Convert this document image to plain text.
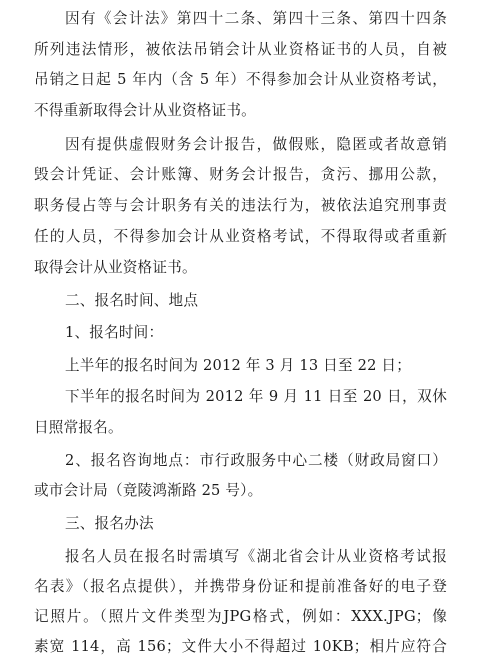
因有《会计法》第四十二条、第四十三条、第四十四条
所列违法情形，被依法吊销会计从业资格证书的人员，自被
吊销之日起 5 年内（含 5 年）不得参加会计从业资格考试，
不得重新取得会计从业资格证书。
因有提供虚假财务会计报告，做假账，隐匿或者故意销
毁会计凭证、会计账簿、财务会计报告，贪污、挪用公款，
职务侵占等与会计职务有关的违法行为，被依法追究刑事责
任的人员，不得参加会计从业资格考试，不得取得或者重新
取得会计从业资格证书。
二、报名时间、地点
1、报名时间：
上半年的报名时间为 2012 年 3 月 13 日至 22 日；
下半年的报名时间为 2012 年 9 月 11 日至 20 日，双休
日照常报名。
2、报名咨询地点：市行政服务中心二楼（财政局窗口）
或市会计局（竟陵鸿渐路 25 号）。
三、报名办法
报名人员在报名时需填写《湖北省会计从业资格考试报
名表》（报名点提供），并携带身份证和提前准备好的电子登
记照片。（照片文件类型为JPG格式，例如：XXX.JPG；像
素宽 114，高 156；文件大小不得超过 10KB；相片应符合
